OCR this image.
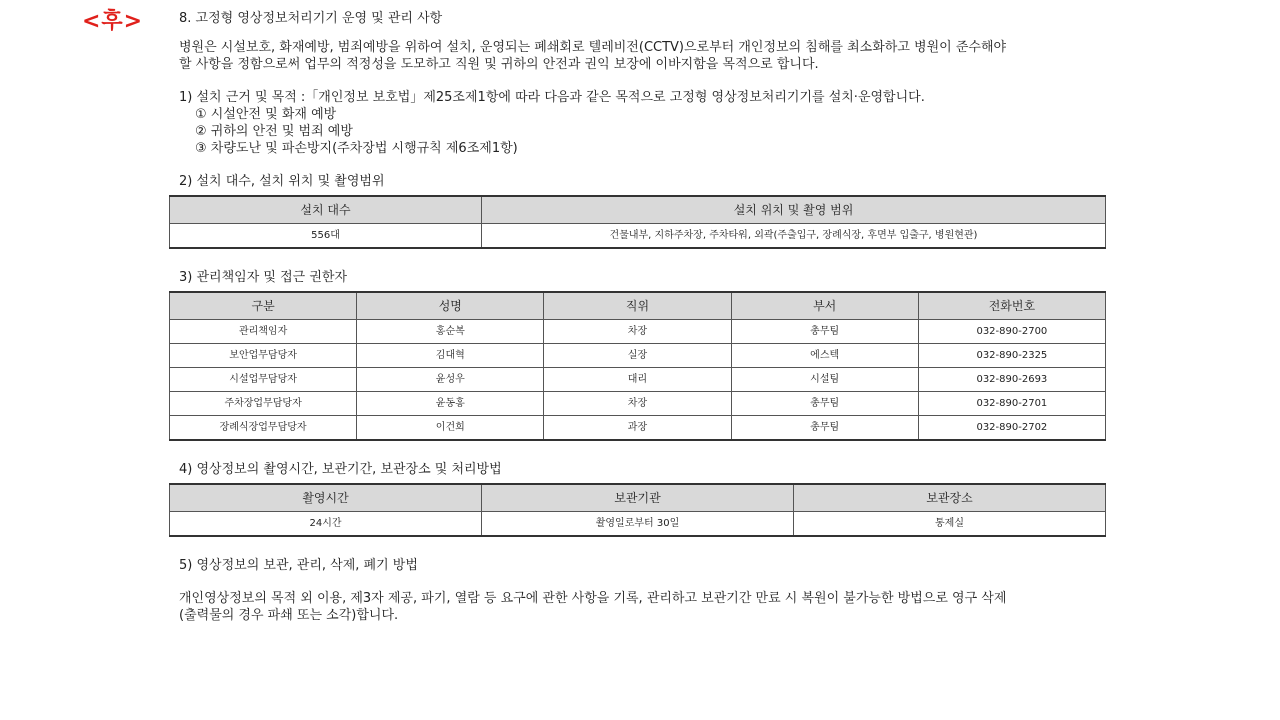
<후>	8. 고정형 영상정보처리기기 운영 및 관리 사항

병원은 시설보호, 화재예방, 범죄예방을 위하여 설치, 운영되는 폐쇄회로 텔레비전(CCTV)으로부터 개인정보의 침해를 최소화하고 병원이 준수해야

할 사항을 정함으로써 업무의 적정성을 도모하고 직원 및 귀하의 안전과 권익 보장에 이바지함을 목적으로 합니다.

1) 설치 근거 및 목적 :「개인정보 보호법」제25조제1항에 따라 다음과 같은 목적으로 고정형 영상정보처리기기를 설치·운영합니다.

① 시설안전 및 화재 예방

② 귀하의 안전 및 범죄 예방

③ 차량도난 및 파손방지(주차장법 시행규칙 제6조제1항)

2) 설치 대수, 설치 위치 및 촬영범위

설치 대수	설치 위치 및 촬영 범위
556대	건물내부, 지하주차장, 주차타워, 외곽(주출입구, 장례식장, 후면부 입출구, 병원현관)

3) 관리책임자 및 접근 권한자

구분	성명	직위	부서	전화번호
관리책임자	홍순복	차장	총무팀	032-890-2700
보안업무담당자	김대혁	실장	에스텍	032-890-2325
시설업무담당자	윤성우	대리	시설팀	032-890-2693
주차장업무담당자	윤동홍	차장	총무팀	032-890-2701
장례식장업무담당자	이건희	과장	총무팀	032-890-2702

4) 영상정보의 촬영시간, 보관기간, 보관장소 및 처리방법

촬영시간	보관기관	보관장소
24시간	촬영일로부터 30일	통제실

5) 영상정보의 보관, 관리, 삭제, 폐기 방법

개인영상정보의 목적 외 이용, 제3자 제공, 파기, 열람 등 요구에 관한 사항을 기록, 관리하고 보관기간 만료 시 복원이 불가능한 방법으로 영구 삭제

(출력물의 경우 파쇄 또는 소각)합니다.
